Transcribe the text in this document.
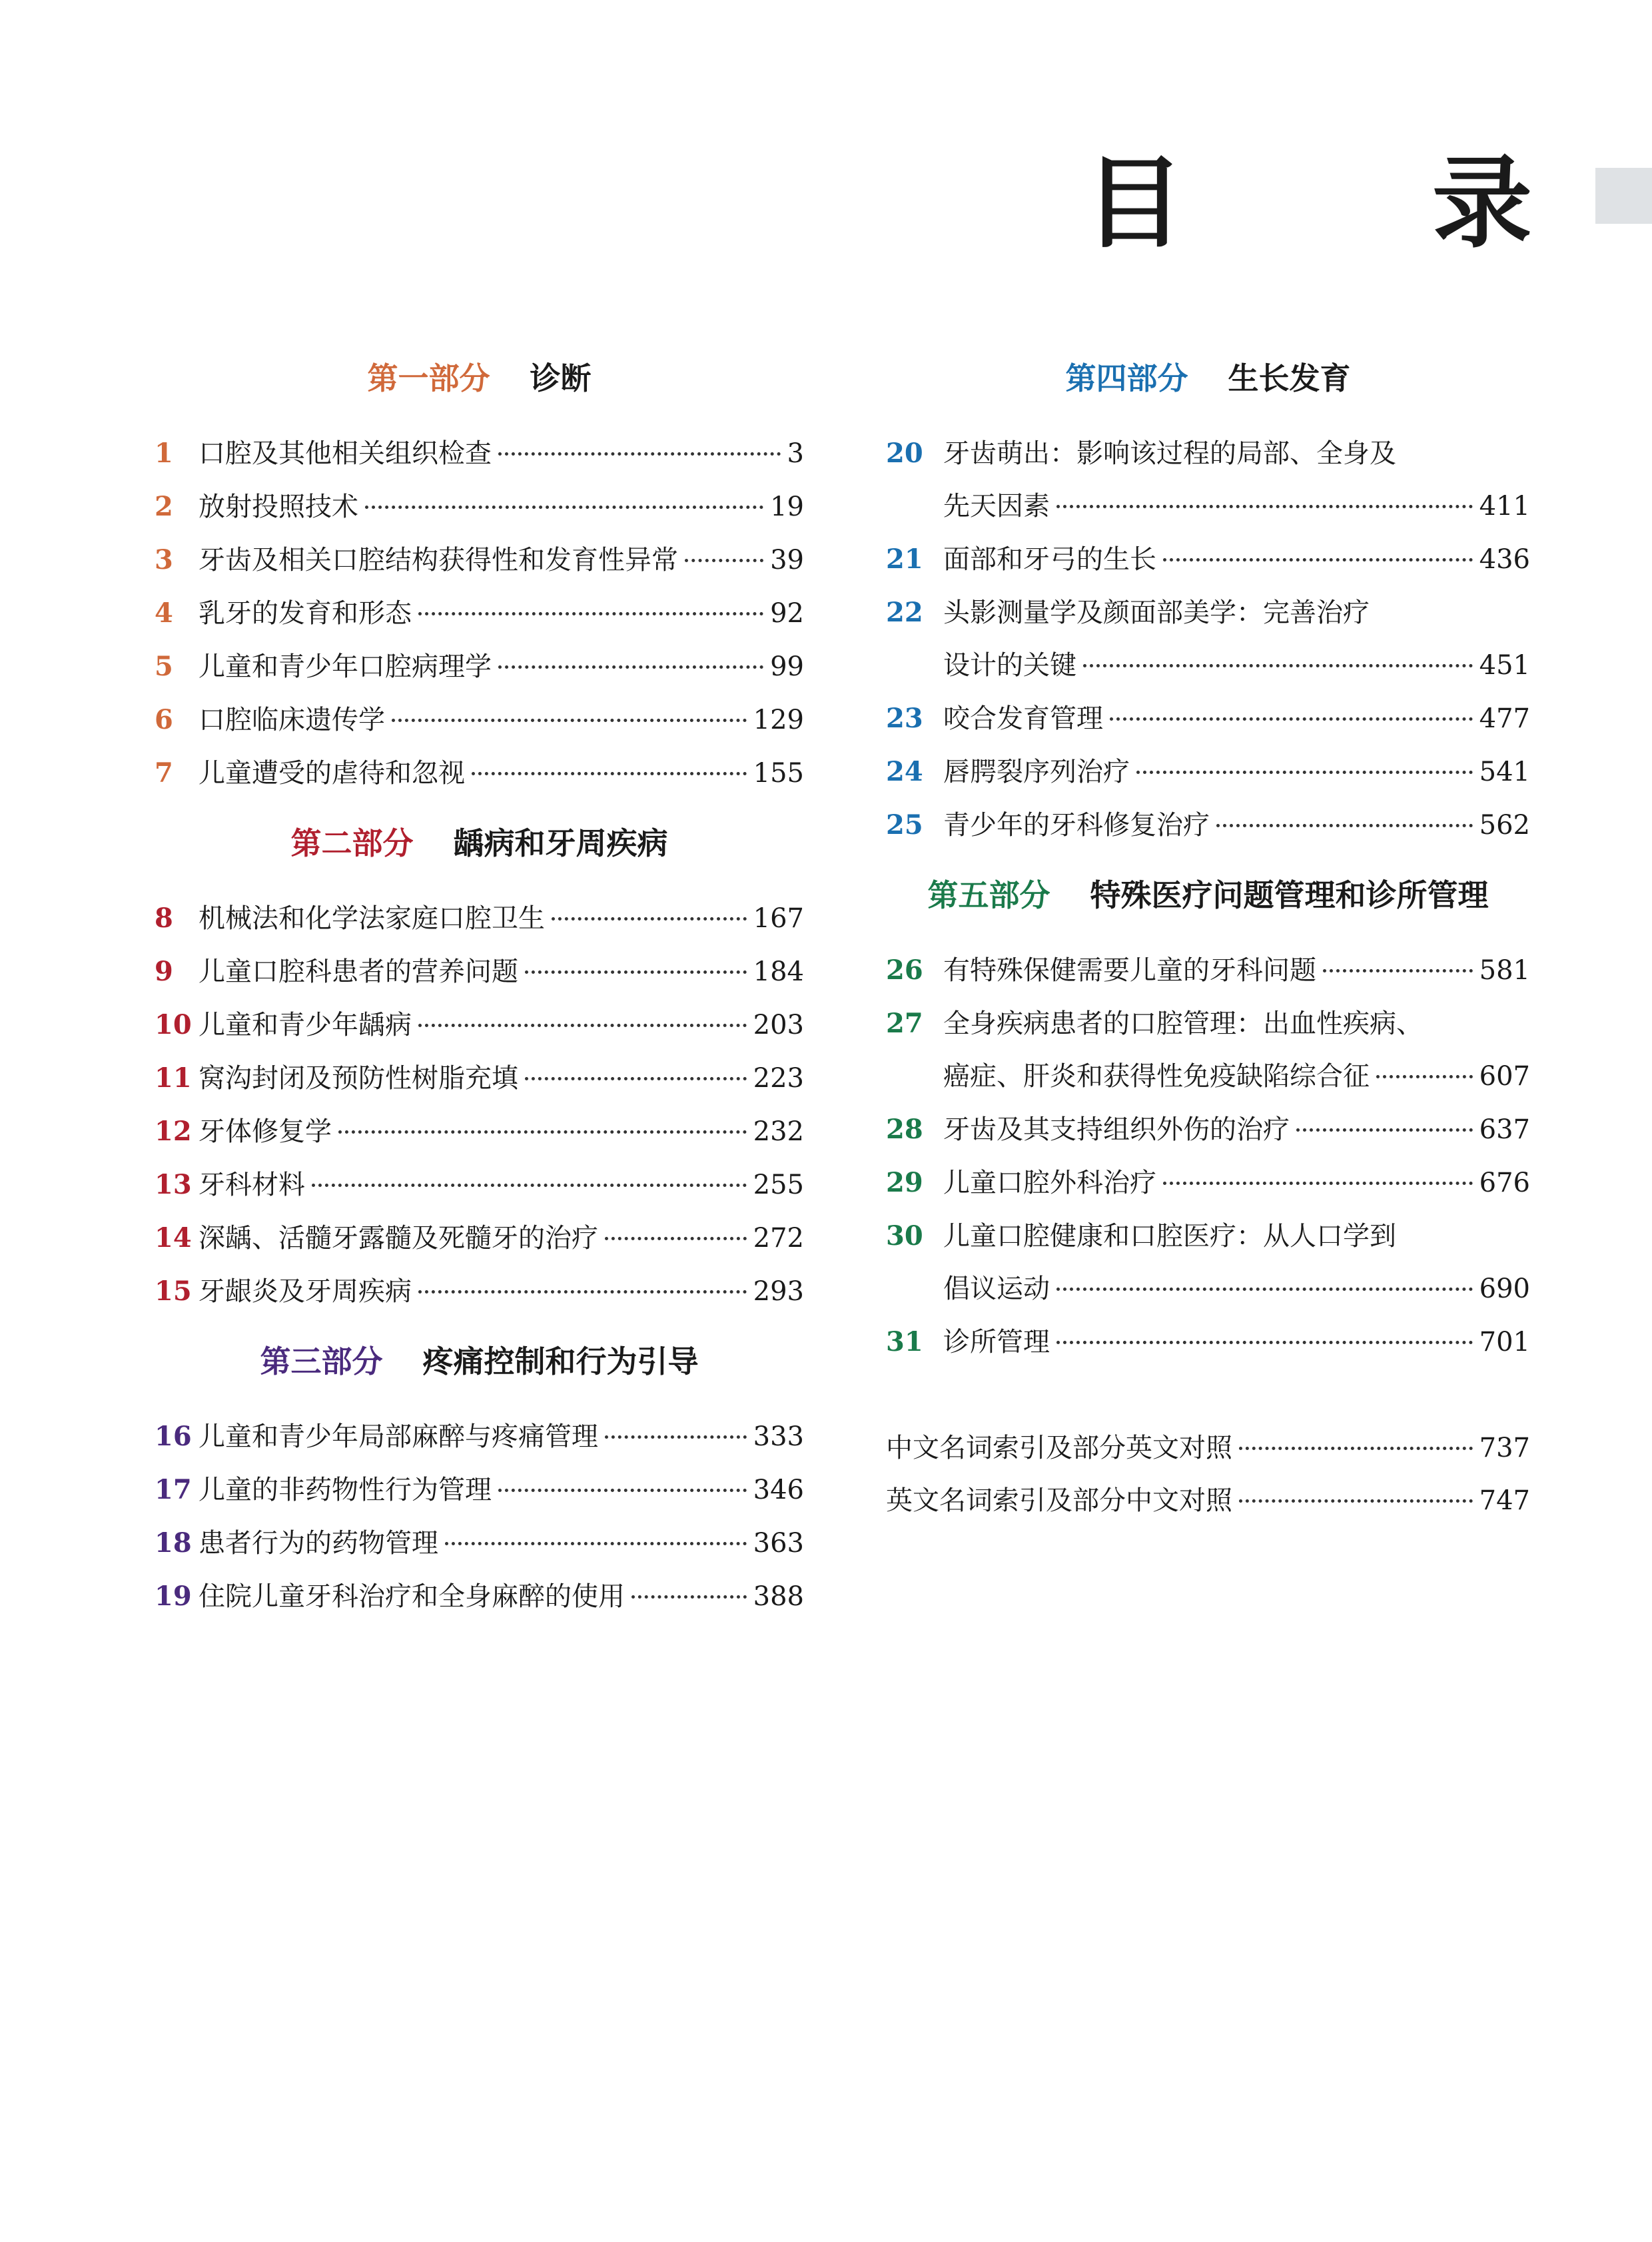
目 录
第一部分 诊断
1 口腔及其他相关组织检查	3
2 放射投照技术	19
3 牙齿及相关口腔结构获得性和发育性异常	39
4 乳牙的发育和形态	92
5 儿童和青少年口腔病理学	99
6 口腔临床遗传学	129
7 儿童遭受的虐待和忽视	155
第二部分 龋病和牙周疾病
8 机械法和化学法家庭口腔卫生	167
9 儿童口腔科患者的营养问题	184
10 儿童和青少年龋病	203
11 窝沟封闭及预防性树脂充填	223
12 牙体修复学	232
13 牙科材料	255
14 深龋、活髓牙露髓及死髓牙的治疗	272
15 牙龈炎及牙周疾病	293
第三部分 疼痛控制和行为引导
16 儿童和青少年局部麻醉与疼痛管理	333
17 儿童的非药物性行为管理	346
18 患者行为的药物管理	363
19 住院儿童牙科治疗和全身麻醉的使用	388
第四部分 生长发育
20 牙齿萌出：影响该过程的局部、全身及
先天因素	411
21 面部和牙弓的生长	436
22 头影测量学及颜面部美学：完善治疗
设计的关键	451
23 咬合发育管理	477
24 唇腭裂序列治疗	541
25 青少年的牙科修复治疗	562
第五部分 特殊医疗问题管理和诊所管理
26 有特殊保健需要儿童的牙科问题	581
27 全身疾病患者的口腔管理：出血性疾病、
癌症、肝炎和获得性免疫缺陷综合征	607
28 牙齿及其支持组织外伤的治疗	637
29 儿童口腔外科治疗	676
30 儿童口腔健康和口腔医疗：从人口学到
倡议运动	690
31 诊所管理	701
中文名词索引及部分英文对照	737
英文名词索引及部分中文对照	747
